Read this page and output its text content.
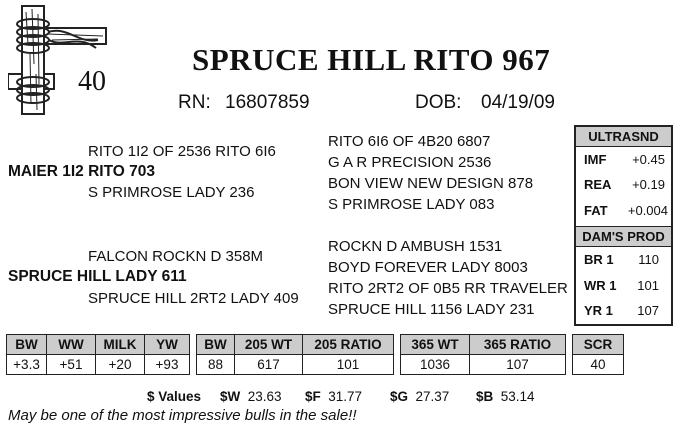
40
SPRUCE HILL RITO 967
RN: 16807859	DOB: 04/19/09
RITO 1I2 OF 2536 RITO 6I6
MAIER 1I2 RITO 703
S PRIMROSE LADY 236
FALCON ROCKN D 358M
SPRUCE HILL LADY 611
SPRUCE HILL 2RT2 LADY 409
RITO 6I6 OF 4B20 6807
G A R PRECISION 2536
BON VIEW NEW DESIGN 878
S PRIMROSE LADY 083
ROCKN D AMBUSH 1531
BOYD FOREVER LADY 8003
RITO 2RT2 OF 0B5 RR TRAVELER
SPRUCE HILL 1156 LADY 231
ULTRASND
IMF +0.45
REA +0.19
FAT +0.004
DAM'S PROD
BR 1 110
WR 1 101
YR 1 107
BW	WW	MILK	YW		BW	205 WT	205 RATIO		365 WT	365 RATIO		SCR
+3.3	+51	+20	+93		88	617	101		1036	107		40
$ Values $W 23.63 $F 31.77 $G 27.37 $B 53.14
May be one of the most impressive bulls in the sale!!
